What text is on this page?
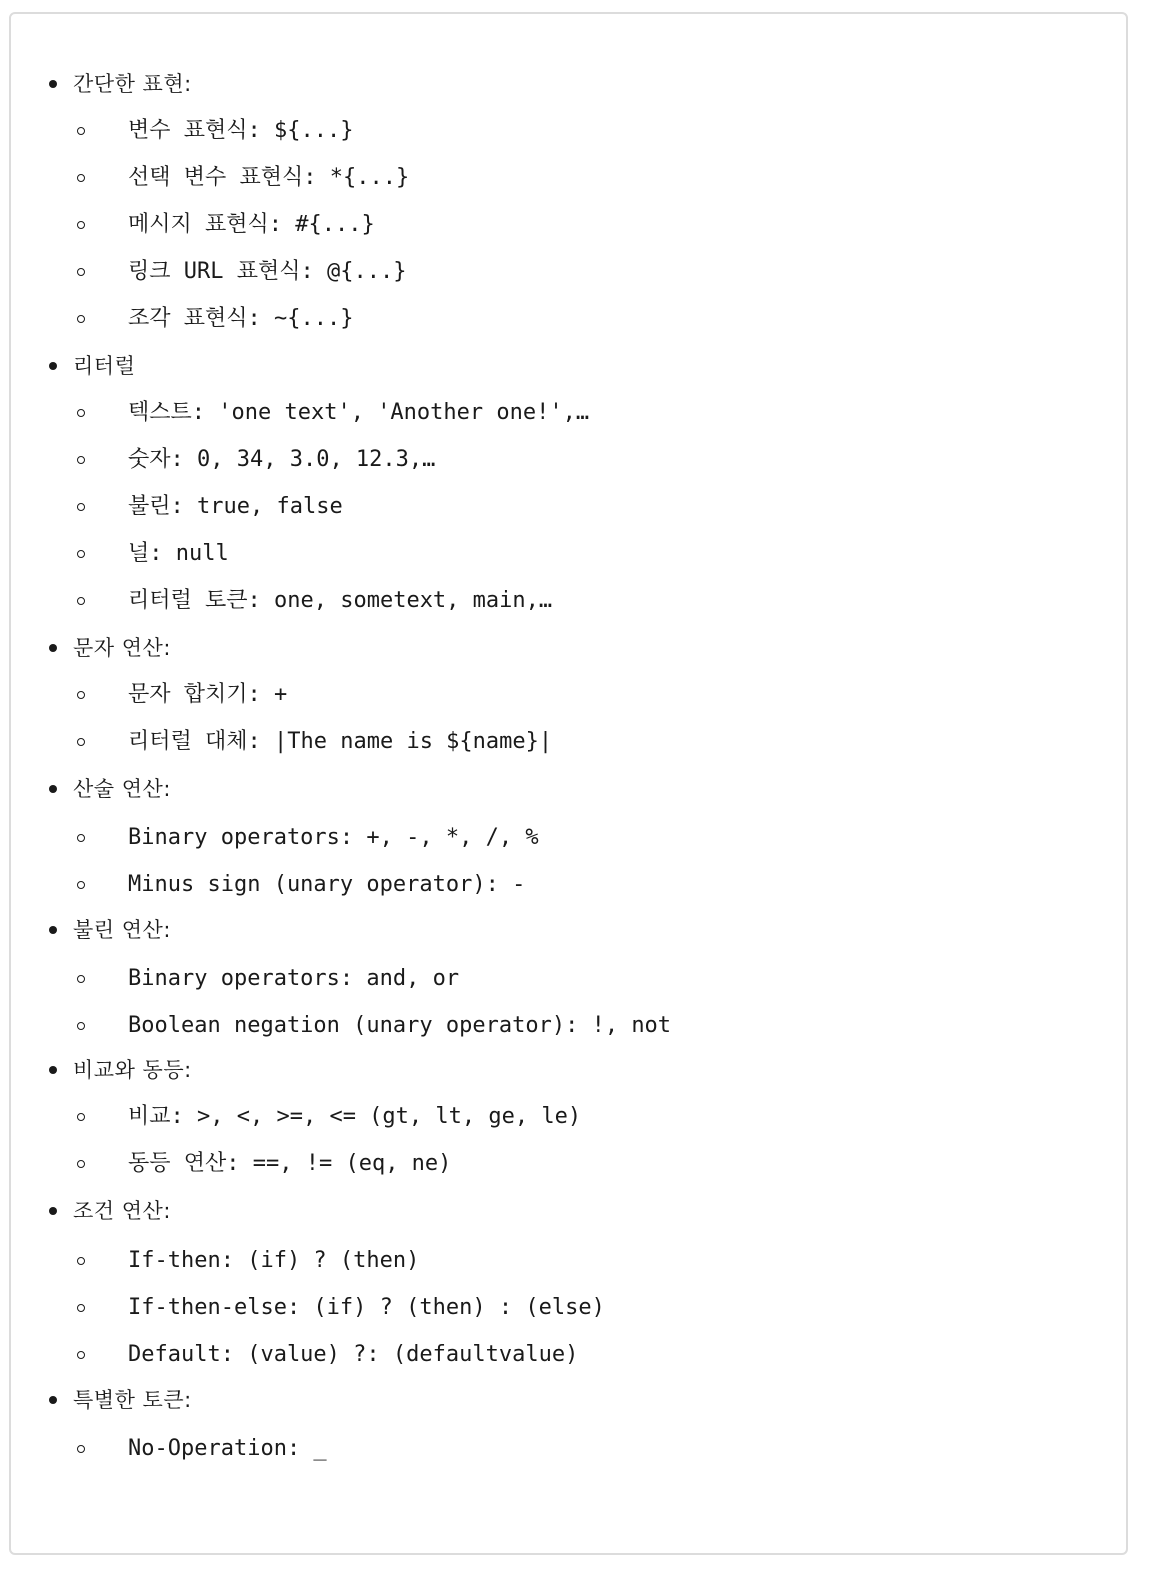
간단한 표현:
변수 표현식: ${...}
선택 변수 표현식: *{...}
메시지 표현식: #{...}
링크 URL 표현식: @{...}
조각 표현식: ~{...}
리터럴
텍스트: 'one text', 'Another one!',…
숫자: 0, 34, 3.0, 12.3,…
불린: true, false
널: null
리터럴 토큰: one, sometext, main,…
문자 연산:
문자 합치기: +
리터럴 대체: |The name is ${name}|
산술 연산:
Binary operators: +, -, *, /, %
Minus sign (unary operator): -
불린 연산:
Binary operators: and, or
Boolean negation (unary operator): !, not
비교와 동등:
비교: >, <, >=, <= (gt, lt, ge, le)
동등 연산: ==, != (eq, ne)
조건 연산:
If-then: (if) ? (then)
If-then-else: (if) ? (then) : (else)
Default: (value) ?: (defaultvalue)
특별한 토큰:
No-Operation: _
